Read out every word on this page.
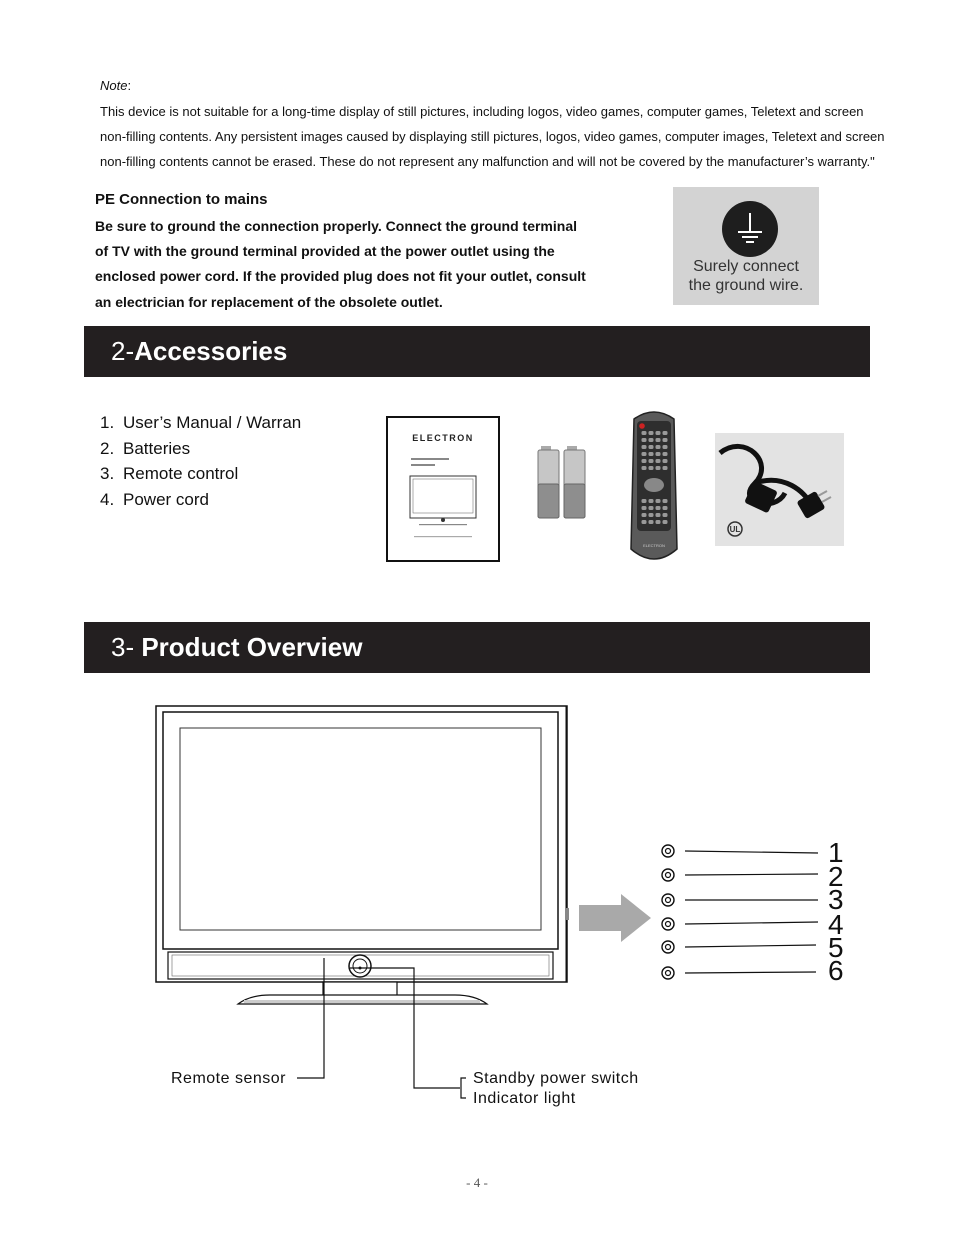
Note:
This device is not suitable for a long-time display of still pictures, including logos, video games, computer games, Teletext and screen
non-filling contents. Any persistent images caused by displaying still pictures, logos, video games, computer images, Teletext and screen
non-filling contents cannot be erased. These do not represent any malfunction and will not be covered by the manufacturer’s warranty."
PE Connection to mains
Be sure to ground the connection properly. Connect the ground terminal
of TV with the ground terminal provided at the power outlet using the
enclosed power cord. If the provided plug does not fit your outlet, consult
an electrician for replacement of the obsolete outlet.
Surely connect
the ground wire.
2-Accessories
1. User’s Manual / Warran
2. Batteries
3. Remote control
4. Power cord
ELECTRON
ELECTRON
UL
3- Product Overview
1
2
3
4
5
6
Remote sensor	Standby power switch
Indicator light
- 4 -
